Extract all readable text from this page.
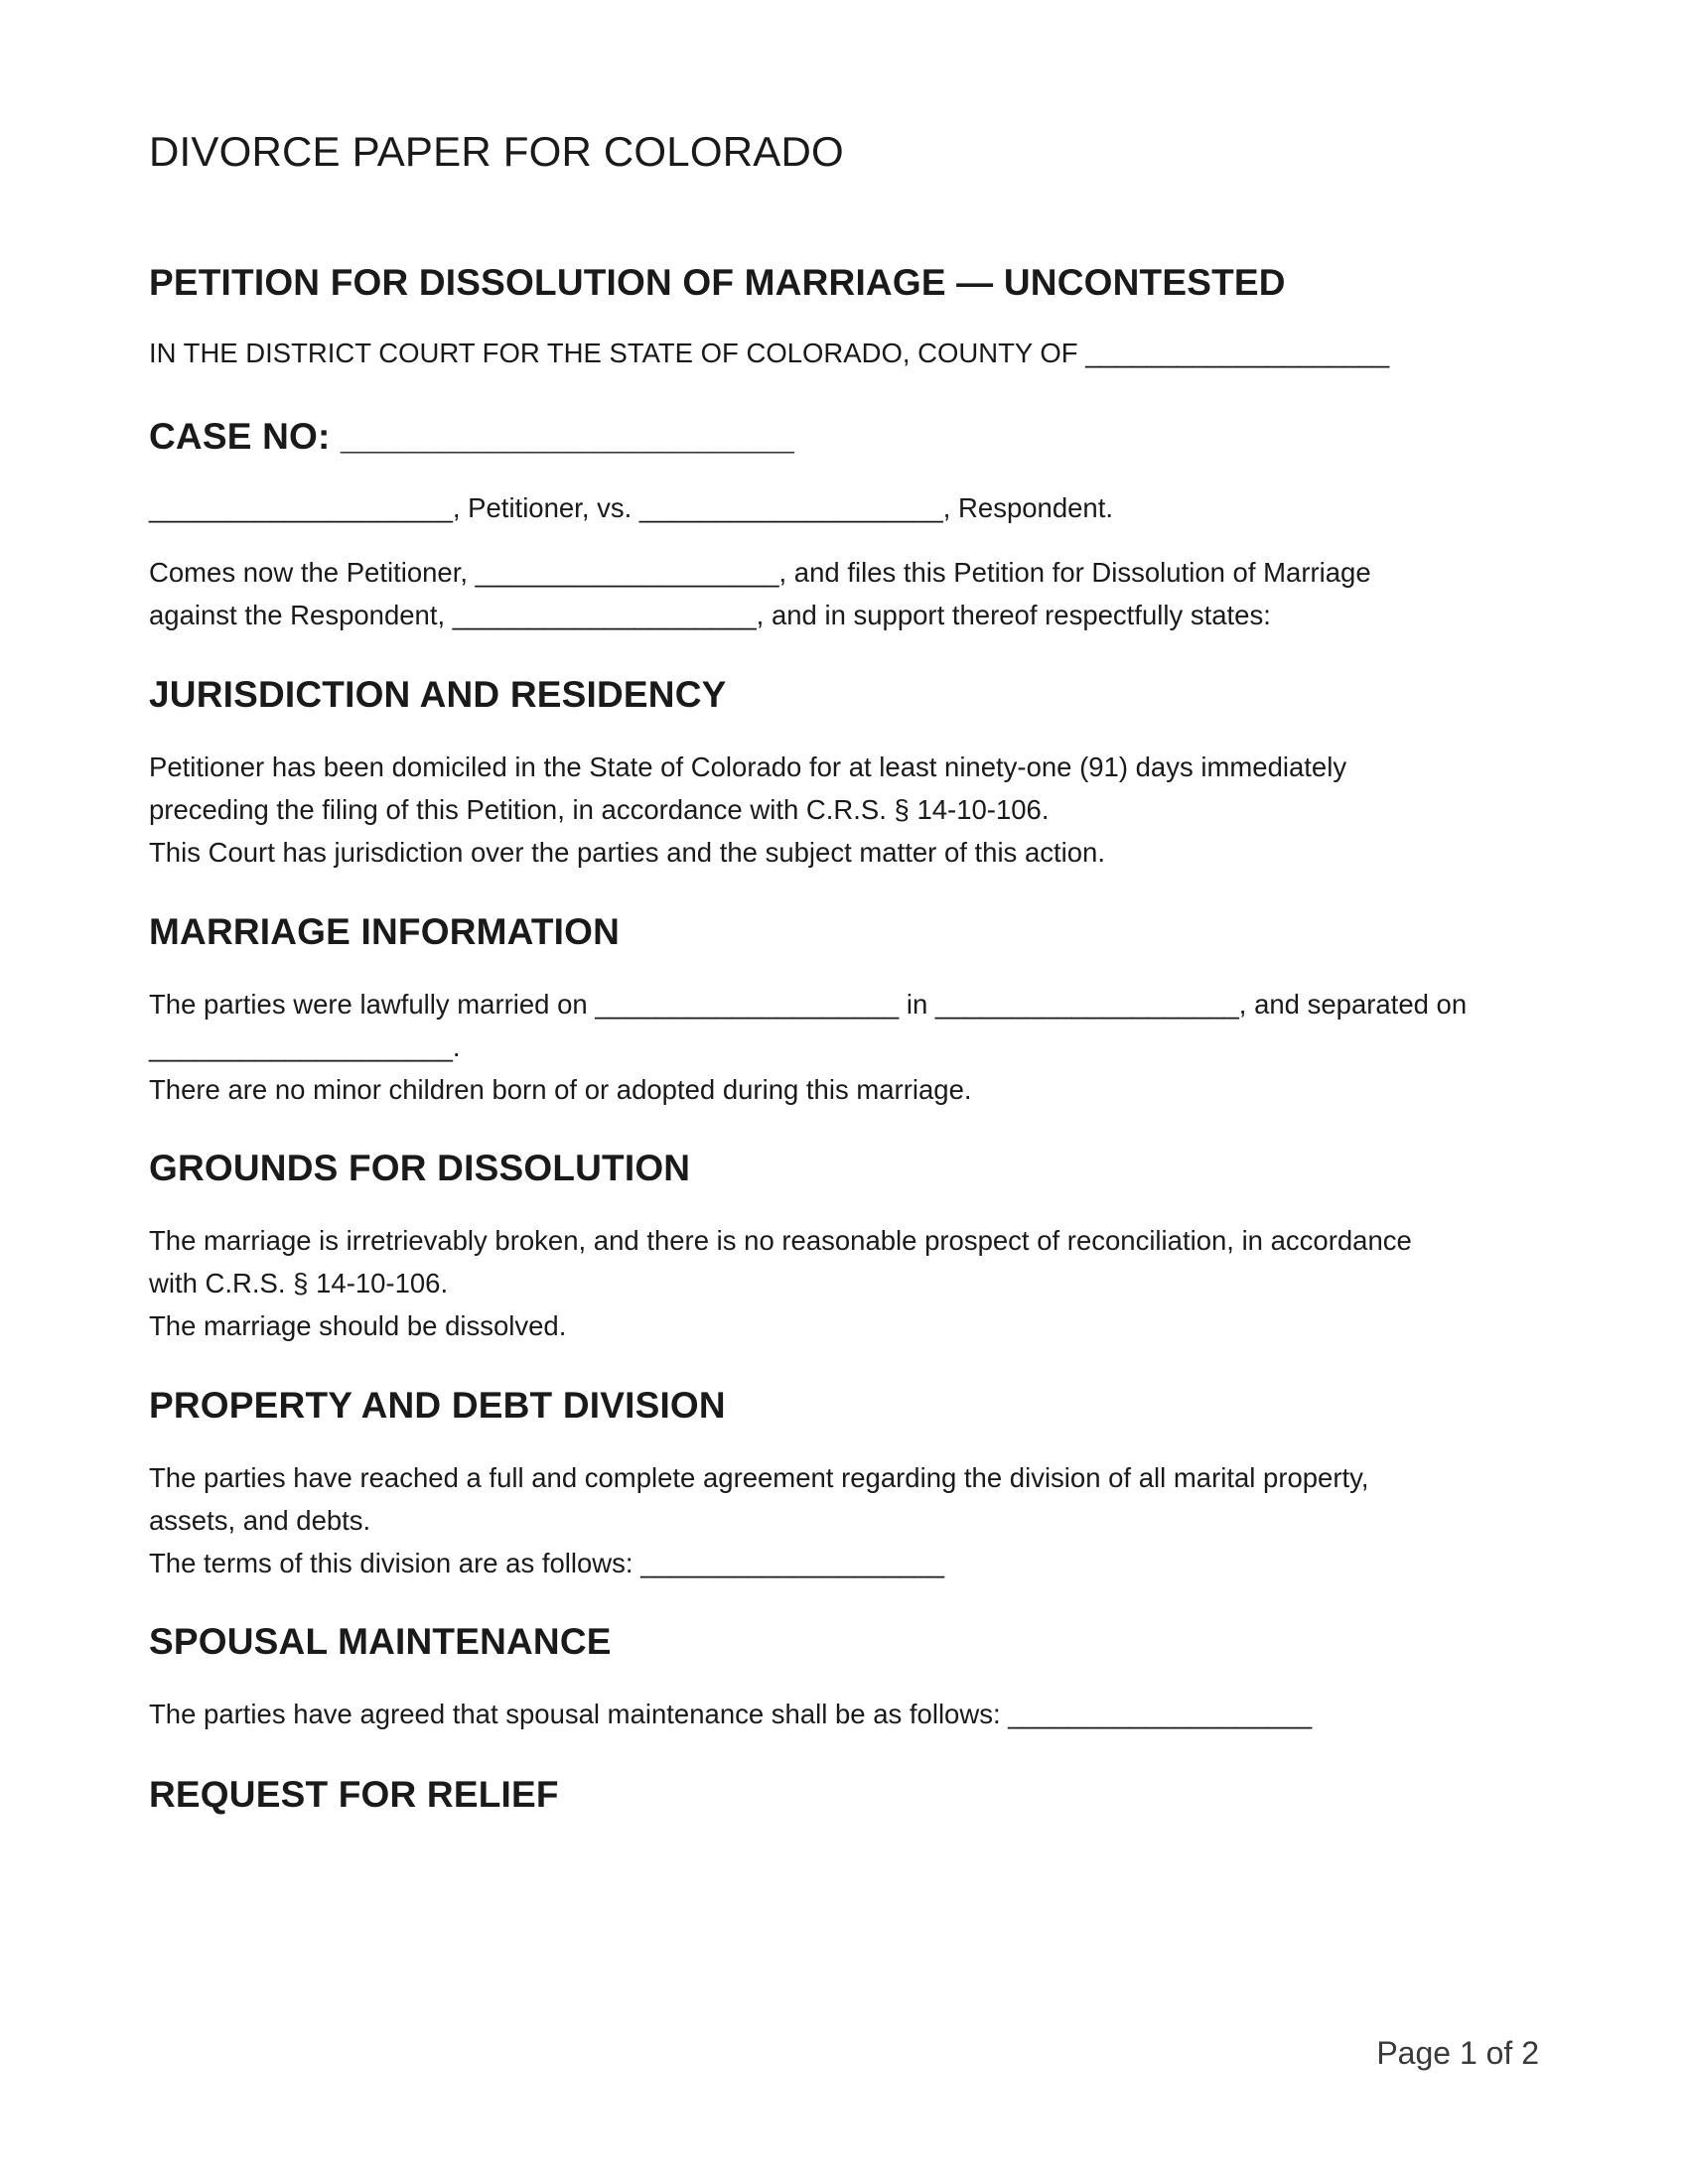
DIVORCE PAPER FOR COLORADO
PETITION FOR DISSOLUTION OF MARRIAGE — UNCONTESTED

IN THE DISTRICT COURT FOR THE STATE OF COLORADO, COUNTY OF ____________________

CASE NO: ______________________

____________________, Petitioner, vs. ____________________, Respondent.

Comes now the Petitioner, ____________________, and files this Petition for Dissolution of Marriage
against the Respondent, ____________________, and in support thereof respectfully states:

JURISDICTION AND RESIDENCY

Petitioner has been domiciled in the State of Colorado for at least ninety-one (91) days immediately
preceding the filing of this Petition, in accordance with C.R.S. § 14-10-106.
This Court has jurisdiction over the parties and the subject matter of this action.

MARRIAGE INFORMATION

The parties were lawfully married on ____________________ in ____________________, and separated on
____________________.
There are no minor children born of or adopted during this marriage.

GROUNDS FOR DISSOLUTION

The marriage is irretrievably broken, and there is no reasonable prospect of reconciliation, in accordance
with C.R.S. § 14-10-106.
The marriage should be dissolved.

PROPERTY AND DEBT DIVISION

The parties have reached a full and complete agreement regarding the division of all marital property,
assets, and debts.
The terms of this division are as follows: ____________________

SPOUSAL MAINTENANCE

The parties have agreed that spousal maintenance shall be as follows: ____________________

REQUEST FOR RELIEF
Page 1 of 2
